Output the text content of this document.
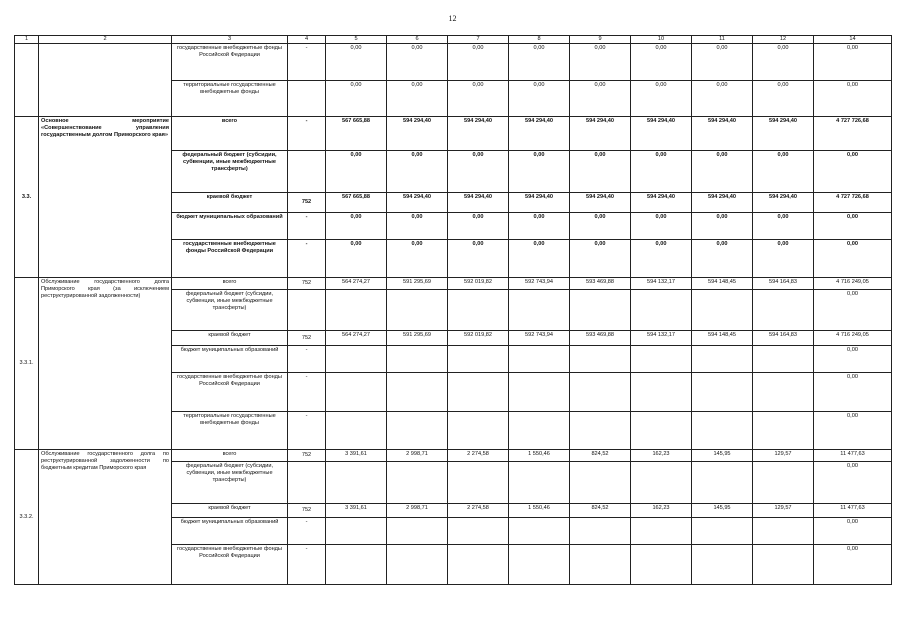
12
1	2	3	4	5	6	7	8	9	10	11	12	14
		государственные внебюджетные фонды Российской Федерации	-	0,00	0,00	0,00	0,00	0,00	0,00	0,00	0,00	0,00
		территориальные государственные внебюджетные фонды		0,00	0,00	0,00	0,00	0,00	0,00	0,00	0,00	0,00
3.3.	Основное мероприятие «Совершенствование управления государственным долгом Приморского края»	всего	-	567 665,88	594 294,40	594 294,40	594 294,40	594 294,40	594 294,40	594 294,40	594 294,40	4 727 726,68
		федеральный бюджет (субсидии, субвенции, иные межбюджетные трансферты)		0,00	0,00	0,00	0,00	0,00	0,00	0,00	0,00	0,00
		краевой бюджет	752	567 665,88	594 294,40	594 294,40	594 294,40	594 294,40	594 294,40	594 294,40	594 294,40	4 727 726,68
		бюджет муниципальных образований	-	0,00	0,00	0,00	0,00	0,00	0,00	0,00	0,00	0,00
		государственные внебюджетные фонды Российской Федерации	-	0,00	0,00	0,00	0,00	0,00	0,00	0,00	0,00	0,00
3.3.1.	Обслуживание государственного долга Приморского края (за исключением реструктурированной задолженности)	всего	752	564 274,27	591 295,69	592 019,82	592 743,94	593 469,88	594 132,17	594 148,45	594 164,83	4 716 249,05
		федеральный бюджет (субсидии, субвенции, иные межбюджетные трансферты)										0,00
		краевой бюджет	752	564 274,27	591 295,69	592 019,82	592 743,94	593 469,88	594 132,17	594 148,45	594 164,83	4 716 249,05
		бюджет муниципальных образований	-									0,00
		государственные внебюджетные фонды Российской Федерации	-									0,00
		территориальные государственные внебюджетные фонды	-									0,00
3.3.2.	Обслуживание государственного долга по реструктурированной задолженности по бюджетным кредитам Приморского края	всего	752	3 391,61	2 998,71	2 274,58	1 550,46	824,52	162,23	145,95	129,57	11 477,63
		федеральный бюджет (субсидии, субвенции, иные межбюджетные трансферты)										0,00
		краевой бюджет	752	3 391,61	2 998,71	2 274,58	1 550,46	824,52	162,23	145,95	129,57	11 477,63
		бюджет муниципальных образований	-									0,00
		государственные внебюджетные фонды Российской Федерации	-									0,00
